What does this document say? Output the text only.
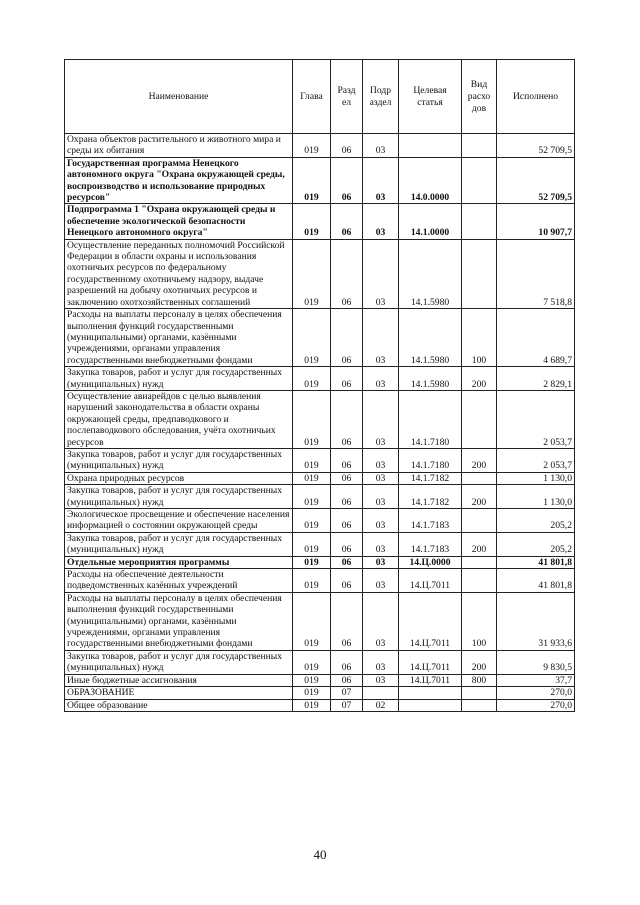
Наименование	Глава	Разд ел	Подр аздел	Целевая статья	Вид расхо дов	Исполнено
Охрана объектов растительного и животного мира и среды их обитания	019	06	03			52 709,5
Государственная программа Ненецкого автономного округа "Охрана окружающей среды, воспроизводство и использование природных ресурсов"	019	06	03	14.0.0000		52 709,5
Подпрограмма 1 "Охрана окружающей среды и обеспечение экологической безопасности Ненецкого автономного округа"	019	06	03	14.1.0000		10 907,7
Осуществление переданных полномочий Российской Федерации в области охраны и использования охотничьих ресурсов по федеральному государственному охотничьему надзору, выдаче разрешений на добычу охотничьих ресурсов и заключению охотхозяйственных соглашений	019	06	03	14.1.5980		7 518,8
Расходы на выплаты персоналу в целях обеспечения выполнения функций государственными (муниципальными) органами, казёнными учреждениями, органами управления государственными внебюджетными фондами	019	06	03	14.1.5980	100	4 689,7
Закупка товаров, работ и услуг для государственных (муниципальных) нужд	019	06	03	14.1.5980	200	2 829,1
Осуществление авиарейдов с целью выявления нарушений законодательства в области охраны окружающей среды, предпаводкового и послепаводкового обследования, учёта охотничьих ресурсов	019	06	03	14.1.7180		2 053,7
Закупка товаров, работ и услуг для государственных (муниципальных) нужд	019	06	03	14.1.7180	200	2 053,7
Охрана природных ресурсов	019	06	03	14.1.7182		1 130,0
Закупка товаров, работ и услуг для государственных (муниципальных) нужд	019	06	03	14.1.7182	200	1 130,0
Экологическое просвещение и обеспечение населения информацией о состоянии окружающей среды	019	06	03	14.1.7183		205,2
Закупка товаров, работ и услуг для государственных (муниципальных) нужд	019	06	03	14.1.7183	200	205,2
Отдельные мероприятия программы	019	06	03	14.Ц.0000		41 801,8
Расходы на обеспечение деятельности подведомственных казённых учреждений	019	06	03	14.Ц.7011		41 801,8
Расходы на выплаты персоналу в целях обеспечения выполнения функций государственными (муниципальными) органами, казёнными учреждениями, органами управления государственными внебюджетными фондами	019	06	03	14.Ц.7011	100	31 933,6
Закупка товаров, работ и услуг для государственных (муниципальных) нужд	019	06	03	14.Ц.7011	200	9 830,5
Иные бюджетные ассигнования	019	06	03	14.Ц.7011	800	37,7
ОБРАЗОВАНИЕ	019	07				270,0
Общее образование	019	07	02			270,0
40
